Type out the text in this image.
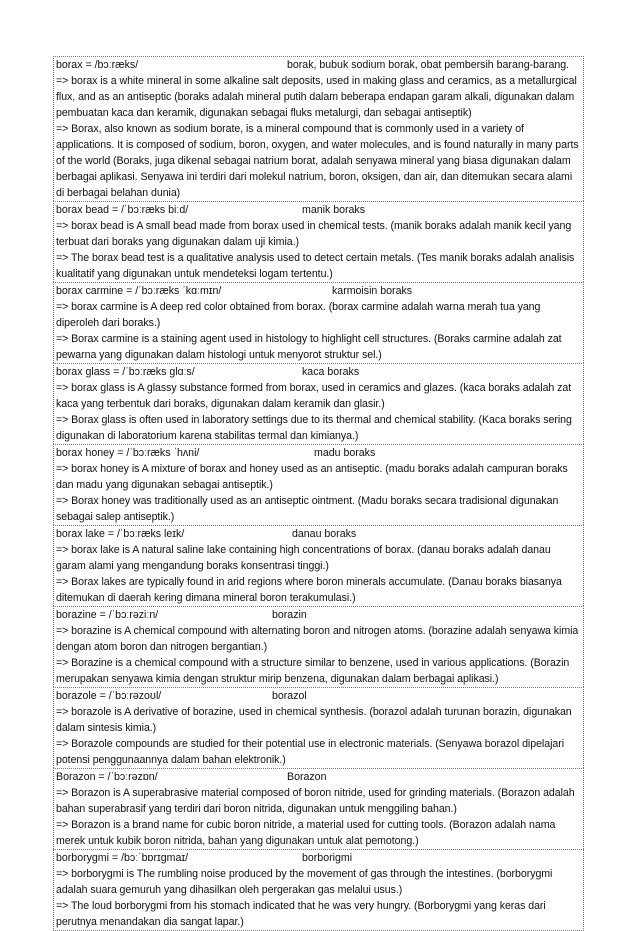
borax = /bɔːræks/	borak, bubuk sodium borak, obat pembersih barang-barang.

=> borax is a white mineral in some alkaline salt deposits, used in making glass and ceramics, as a metallurgical flux, and as an antiseptic (boraks adalah mineral putih dalam beberapa endapan garam alkali, digunakan dalam pembuatan kaca dan keramik, digunakan sebagai fluks metalurgi, dan sebagai antiseptik)

=> Borax, also known as sodium borate, is a mineral compound that is commonly used in a variety of applications. It is composed of sodium, boron, oxygen, and water molecules, and is found naturally in many parts of the world (Boraks, juga dikenal sebagai natrium borat, adalah senyawa mineral yang biasa digunakan dalam berbagai aplikasi. Senyawa ini terdiri dari molekul natrium, boron, oksigen, dan air, dan ditemukan secara alami di berbagai belahan dunia)

borax bead = /ˈbɔːræks biːd/	manik boraks

=> borax bead is A small bead made from borax used in chemical tests. (manik boraks adalah manik kecil yang terbuat dari boraks yang digunakan dalam uji kimia.)

=> The borax bead test is a qualitative analysis used to detect certain metals. (Tes manik boraks adalah analisis kualitatif yang digunakan untuk mendeteksi logam tertentu.)

borax carmine = /ˈbɔːræks ˈkɑːmɪn/	karmoisin boraks

=> borax carmine is A deep red color obtained from borax. (borax carmine adalah warna merah tua yang diperoleh dari boraks.)

=> Borax carmine is a staining agent used in histology to highlight cell structures. (Boraks carmine adalah zat pewarna yang digunakan dalam histologi untuk menyorot struktur sel.)

borax glass = /ˈbɔːræks glɑːs/	kaca boraks

=> borax glass is A glassy substance formed from borax, used in ceramics and glazes. (kaca boraks adalah zat kaca yang terbentuk dari boraks, digunakan dalam keramik dan glasir.)

=> Borax glass is often used in laboratory settings due to its thermal and chemical stability. (Kaca boraks sering digunakan di laboratorium karena stabilitas termal dan kimianya.)

borax honey = /ˈbɔːræks ˈhʌni/	madu boraks

=> borax honey is A mixture of borax and honey used as an antiseptic. (madu boraks adalah campuran boraks dan madu yang digunakan sebagai antiseptik.)

=> Borax honey was traditionally used as an antiseptic ointment. (Madu boraks secara tradisional digunakan sebagai salep antiseptik.)

borax lake = /ˈbɔːræks leɪk/	danau boraks

=> borax lake is A natural saline lake containing high concentrations of borax. (danau boraks adalah danau garam alami yang mengandung boraks konsentrasi tinggi.)

=> Borax lakes are typically found in arid regions where boron minerals accumulate. (Danau boraks biasanya ditemukan di daerah kering dimana mineral boron terakumulasi.)

borazine = /ˈbɔːrəziːn/	borazin

=> borazine is A chemical compound with alternating boron and nitrogen atoms. (borazine adalah senyawa kimia dengan atom boron dan nitrogen bergantian.)

=> Borazine is a chemical compound with a structure similar to benzene, used in various applications. (Borazin merupakan senyawa kimia dengan struktur mirip benzena, digunakan dalam berbagai aplikasi.)

borazole = /ˈbɔːrəzoʊl/	borazol

=> borazole is A derivative of borazine, used in chemical synthesis. (borazol adalah turunan borazin, digunakan dalam sintesis kimia.)

=> Borazole compounds are studied for their potential use in electronic materials. (Senyawa borazol dipelajari potensi penggunaannya dalam bahan elektronik.)

Borazon = /ˈbɔːrəzɒn/	Borazon

=> Borazon is A superabrasive material composed of boron nitride, used for grinding materials. (Borazon adalah bahan superabrasif yang terdiri dari boron nitrida, digunakan untuk menggiling bahan.)

=> Borazon is a brand name for cubic boron nitride, a material used for cutting tools. (Borazon adalah nama merek untuk kubik boron nitrida, bahan yang digunakan untuk alat pemotong.)

borborygmi = /bɔːˈbɒrɪgmaɪ/	borborigmi

=> borborygmi is The rumbling noise produced by the movement of gas through the intestines. (borborygmi adalah suara gemuruh yang dihasilkan oleh pergerakan gas melalui usus.)

=> The loud borborygmi from his stomach indicated that he was very hungry. (Borborygmi yang keras dari perutnya menandakan dia sangat lapar.)
